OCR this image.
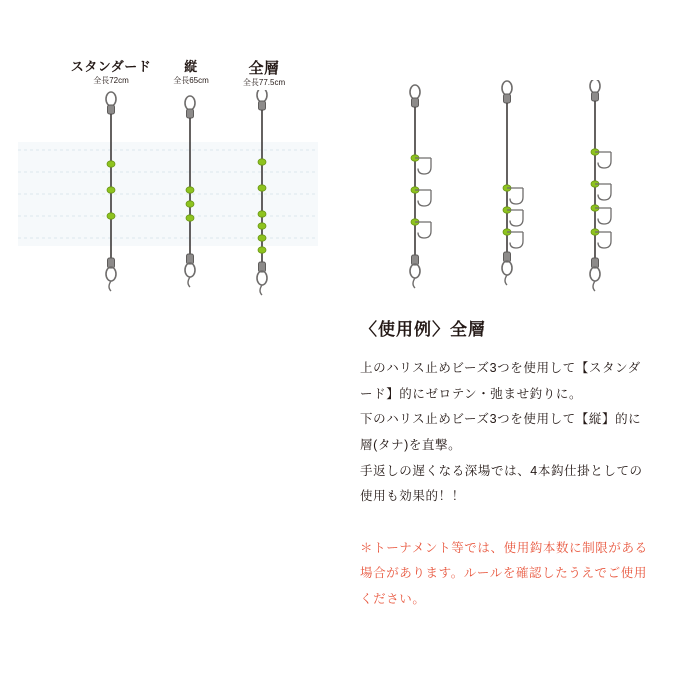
スタンダード
全長72cm
縦
全長65cm
全層
全長77.5cm
〈使用例〉全層

上のハリス止めビーズ3つを使用して【スタンダ

ード】的にゼロテン・弛ませ釣りに。

下のハリス止めビーズ3つを使用して【縦】的に

層(タナ)を直撃。

手返しの遅くなる深場では、4本鈎仕掛としての

使用も効果的！！

＊トーナメント等では、使用鈎本数に制限がある

場合があります。ルールを確認したうえでご使用

ください。
